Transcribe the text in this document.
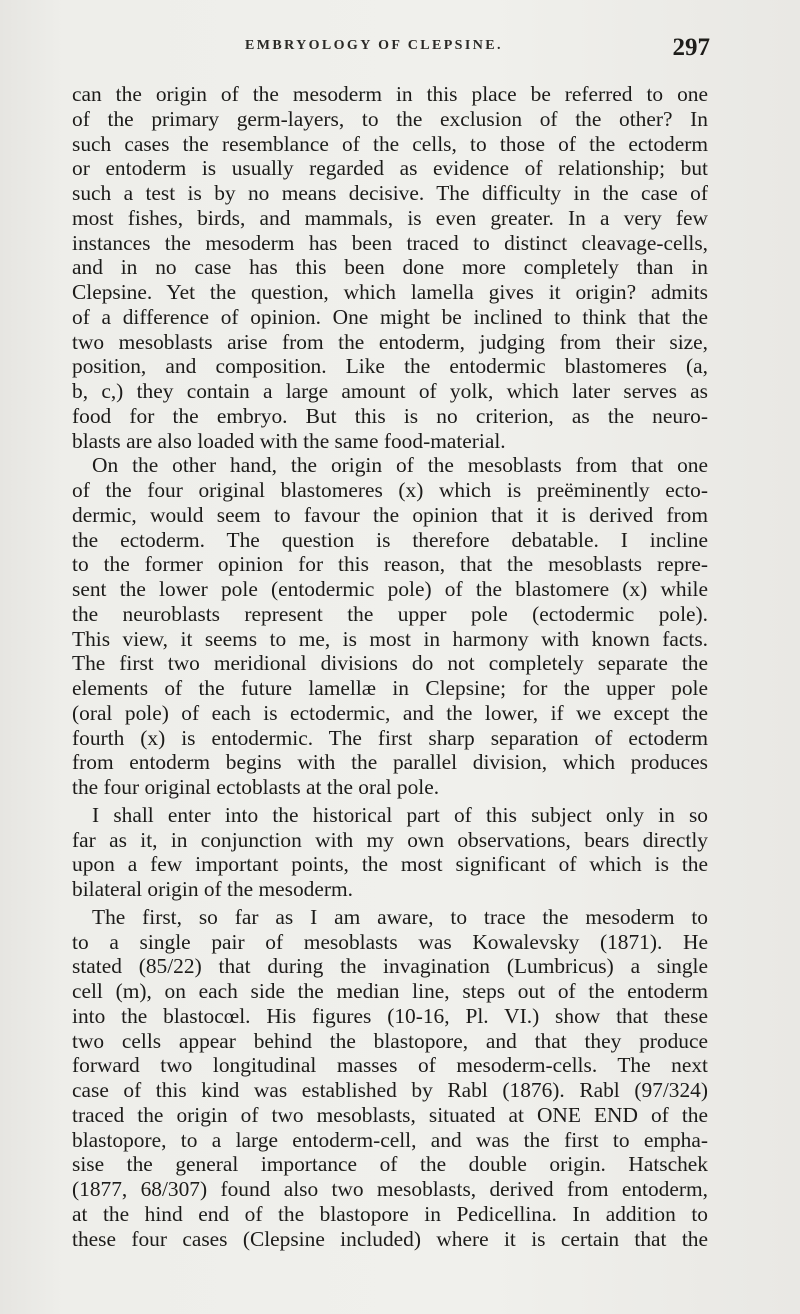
EMBRYOLOGY OF CLEPSINE.	297
can the origin of the mesoderm in this place be referred to one
of the primary germ-layers, to the exclusion of the other? In
such cases the resemblance of the cells, to those of the ectoderm
or entoderm is usually regarded as evidence of relationship; but
such a test is by no means decisive. The difficulty in the case of
most fishes, birds, and mammals, is even greater. In a very few
instances the mesoderm has been traced to distinct cleavage-cells,
and in no case has this been done more completely than in
Clepsine. Yet the question, which lamella gives it origin? admits
of a difference of opinion. One might be inclined to think that the
two mesoblasts arise from the entoderm, judging from their size,
position, and composition. Like the entodermic blastomeres (a,
b, c,) they contain a large amount of yolk, which later serves as
food for the embryo. But this is no criterion, as the neuro-
blasts are also loaded with the same food-material.
On the other hand, the origin of the mesoblasts from that one
of the four original blastomeres (x) which is preëminently ecto-
dermic, would seem to favour the opinion that it is derived from
the ectoderm. The question is therefore debatable. I incline
to the former opinion for this reason, that the mesoblasts repre-
sent the lower pole (entodermic pole) of the blastomere (x) while
the neuroblasts represent the upper pole (ectodermic pole).
This view, it seems to me, is most in harmony with known facts.
The first two meridional divisions do not completely separate the
elements of the future lamellæ in Clepsine; for the upper pole
(oral pole) of each is ectodermic, and the lower, if we except the
fourth (x) is entodermic. The first sharp separation of ectoderm
from entoderm begins with the parallel division, which produces
the four original ectoblasts at the oral pole.
I shall enter into the historical part of this subject only in so
far as it, in conjunction with my own observations, bears directly
upon a few important points, the most significant of which is the
bilateral origin of the mesoderm.
The first, so far as I am aware, to trace the mesoderm to
to a single pair of mesoblasts was Kowalevsky (1871). He
stated (85/22) that during the invagination (Lumbricus) a single
cell (m), on each side the median line, steps out of the entoderm
into the blastocœl. His figures (10-16, Pl. VI.) show that these
two cells appear behind the blastopore, and that they produce
forward two longitudinal masses of mesoderm-cells. The next
case of this kind was established by Rabl (1876). Rabl (97/324)
traced the origin of two mesoblasts, situated at ONE END of the
blastopore, to a large entoderm-cell, and was the first to empha-
sise the general importance of the double origin. Hatschek
(1877, 68/307) found also two mesoblasts, derived from entoderm,
at the hind end of the blastopore in Pedicellina. In addition to
these four cases (Clepsine included) where it is certain that the
